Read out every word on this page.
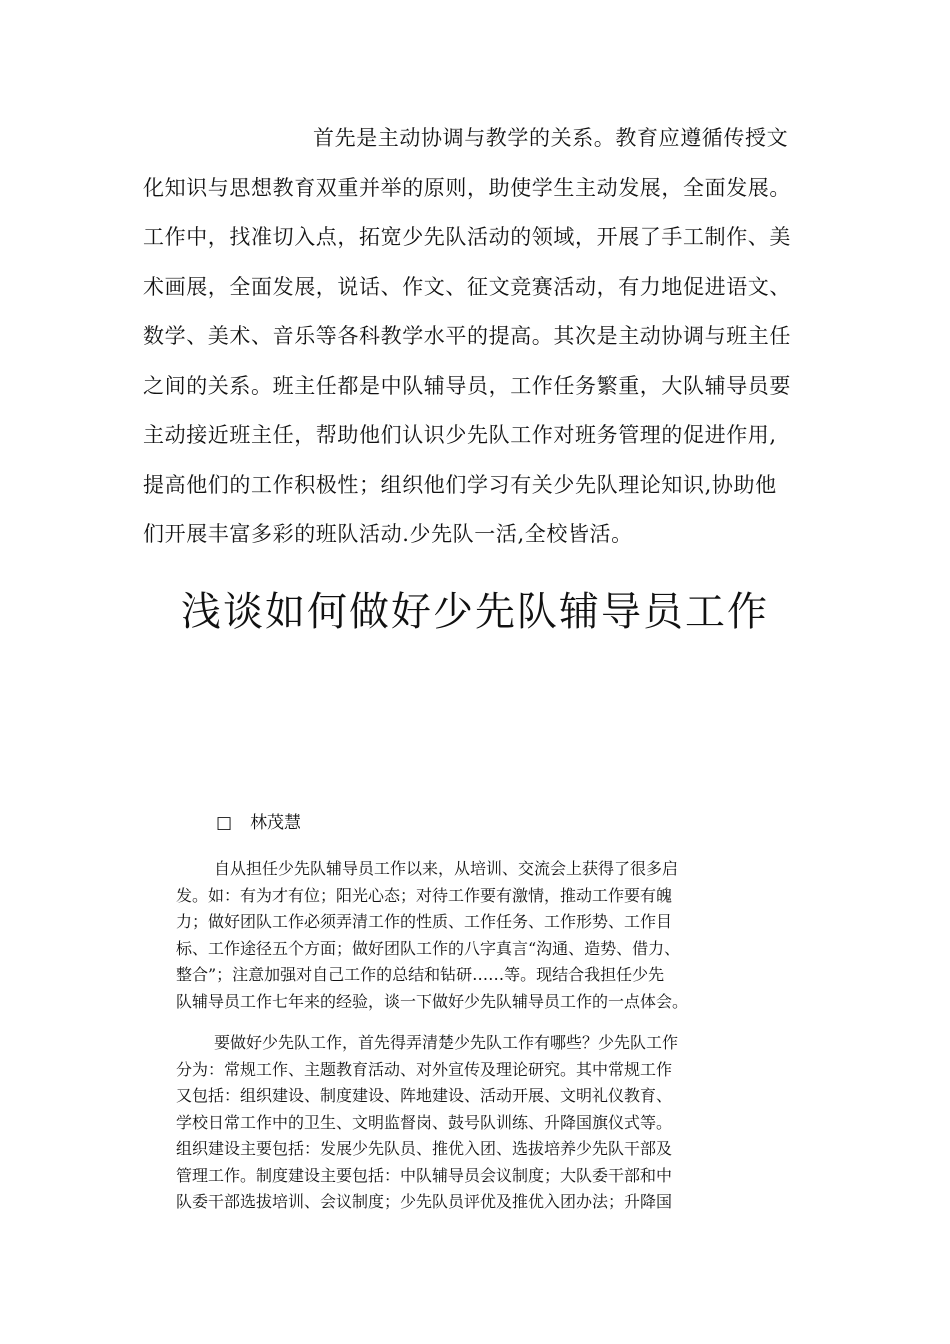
首先是主动协调与教学的关系。教育应遵循传授文
化知识与思想教育双重并举的原则，助使学生主动发展，全面发展。
工作中，找准切入点，拓宽少先队活动的领域，开展了手工制作、美
术画展，全面发展，说话、作文、征文竞赛活动，有力地促进语文、
数学、美术、音乐等各科教学水平的提高。其次是主动协调与班主任
之间的关系。班主任都是中队辅导员，工作任务繁重，大队辅导员要
主动接近班主任，帮助他们认识少先队工作对班务管理的促进作用,
提高他们的工作积极性；组织他们学习有关少先队理论知识,协助他
们开展丰富多彩的班队活动.少先队一活,全校皆活。
浅谈如何做好少先队辅导员工作
□ 林茂慧
自从担任少先队辅导员工作以来，从培训、交流会上获得了很多启
发。如：有为才有位；阳光心态；对待工作要有激情，推动工作要有魄
力；做好团队工作必须弄清工作的性质、工作任务、工作形势、工作目
标、工作途径五个方面；做好团队工作的八字真言“沟通、造势、借力、
整合”；注意加强对自己工作的总结和钻研……等。现结合我担任少先
队辅导员工作七年来的经验，谈一下做好少先队辅导员工作的一点体会。
要做好少先队工作，首先得弄清楚少先队工作有哪些？少先队工作
分为：常规工作、主题教育活动、对外宣传及理论研究。其中常规工作
又包括：组织建设、制度建设、阵地建设、活动开展、文明礼仪教育、
学校日常工作中的卫生、文明监督岗、鼓号队训练、升降国旗仪式等。
组织建设主要包括：发展少先队员、推优入团、选拔培养少先队干部及
管理工作。制度建设主要包括：中队辅导员会议制度；大队委干部和中
队委干部选拔培训、会议制度；少先队员评优及推优入团办法；升降国
